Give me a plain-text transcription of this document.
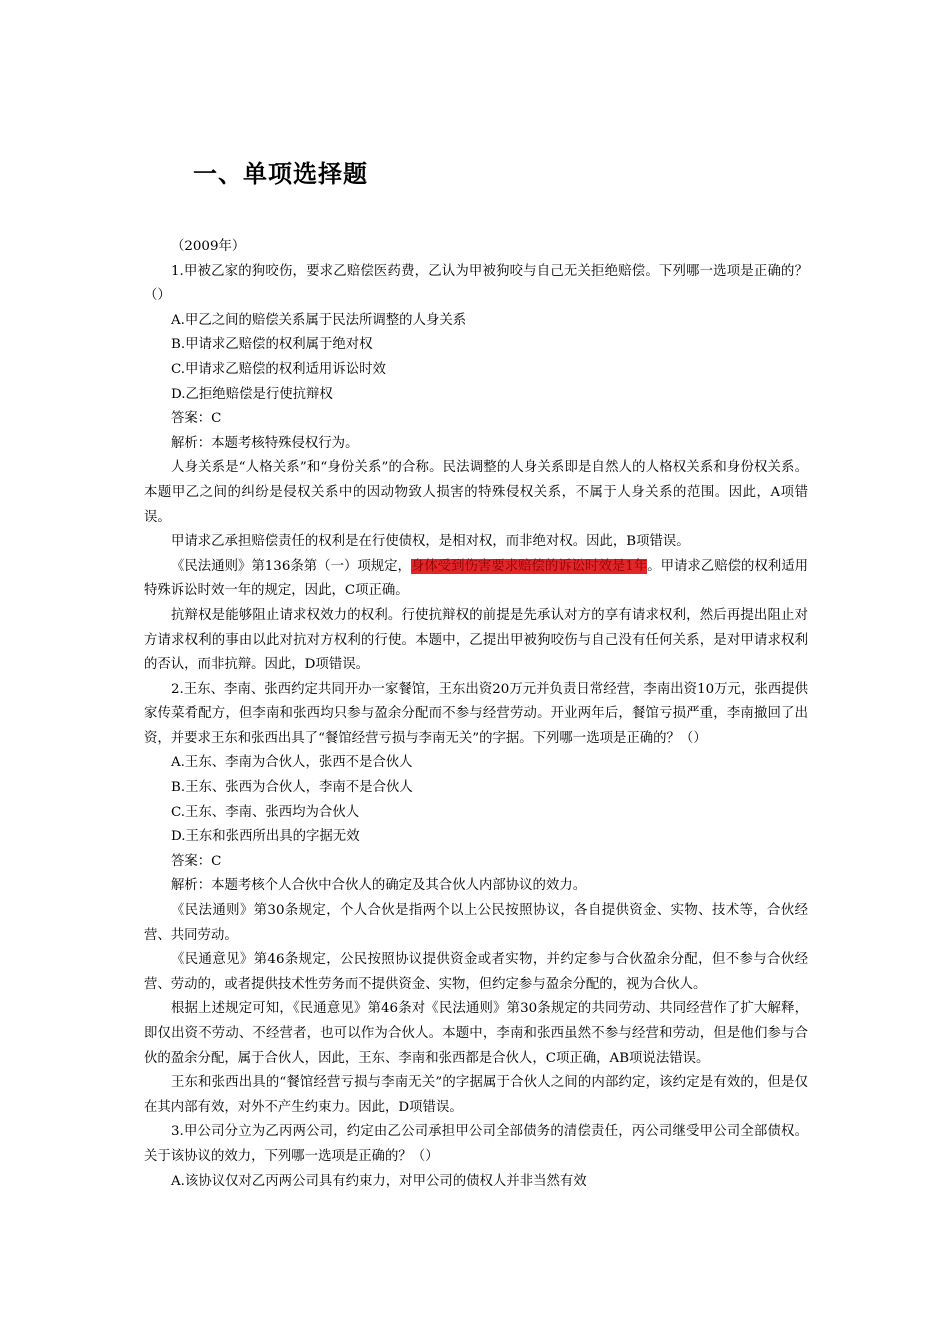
一、单项选择题

（2009年）

1.甲被乙家的狗咬伤，要求乙赔偿医药费，乙认为甲被狗咬与自己无关拒绝赔偿。下列哪一选项是正确的？（）

A.甲乙之间的赔偿关系属于民法所调整的人身关系

B.甲请求乙赔偿的权利属于绝对权

C.甲请求乙赔偿的权利适用诉讼时效

D.乙拒绝赔偿是行使抗辩权

答案：C

解析：本题考核特殊侵权行为。

人身关系是“人格关系”和“身份关系”的合称。民法调整的人身关系即是自然人的人格权关系和身份权关系。本题甲乙之间的纠纷是侵权关系中的因动物致人损害的特殊侵权关系，不属于人身关系的范围。因此，A项错误。

甲请求乙承担赔偿责任的权利是在行使债权，是相对权，而非绝对权。因此，B项错误。

《民法通则》第136条第（一）项规定，身体受到伤害要求赔偿的诉讼时效是1年。甲请求乙赔偿的权利适用特殊诉讼时效一年的规定，因此，C项正确。

抗辩权是能够阻止请求权效力的权利。行使抗辩权的前提是先承认对方的享有请求权利，然后再提出阻止对方请求权利的事由以此对抗对方权利的行使。本题中，乙提出甲被狗咬伤与自己没有任何关系，是对甲请求权利的否认，而非抗辩。因此，D项错误。

2.王东、李南、张西约定共同开办一家餐馆，王东出资20万元并负责日常经营，李南出资10万元，张西提供家传菜肴配方，但李南和张西均只参与盈余分配而不参与经营劳动。开业两年后，餐馆亏损严重，李南撤回了出资，并要求王东和张西出具了“餐馆经营亏损与李南无关”的字据。下列哪一选项是正确的？（）

A.王东、李南为合伙人，张西不是合伙人

B.王东、张西为合伙人，李南不是合伙人

C.王东、李南、张西均为合伙人

D.王东和张西所出具的字据无效

答案：C

解析：本题考核个人合伙中合伙人的确定及其合伙人内部协议的效力。

《民法通则》第30条规定，个人合伙是指两个以上公民按照协议，各自提供资金、实物、技术等，合伙经营、共同劳动。

《民通意见》第46条规定，公民按照协议提供资金或者实物，并约定参与合伙盈余分配，但不参与合伙经营、劳动的，或者提供技术性劳务而不提供资金、实物，但约定参与盈余分配的，视为合伙人。

根据上述规定可知，《民通意见》第46条对《民法通则》第30条规定的共同劳动、共同经营作了扩大解释，即仅出资不劳动、不经营者，也可以作为合伙人。本题中，李南和张西虽然不参与经营和劳动，但是他们参与合伙的盈余分配，属于合伙人，因此，王东、李南和张西都是合伙人，C项正确，AB项说法错误。

王东和张西出具的“餐馆经营亏损与李南无关”的字据属于合伙人之间的内部约定，该约定是有效的，但是仅在其内部有效，对外不产生约束力。因此，D项错误。

3.甲公司分立为乙丙两公司，约定由乙公司承担甲公司全部债务的清偿责任，丙公司继受甲公司全部债权。关于该协议的效力，下列哪一选项是正确的？（）

A.该协议仅对乙丙两公司具有约束力，对甲公司的债权人并非当然有效
